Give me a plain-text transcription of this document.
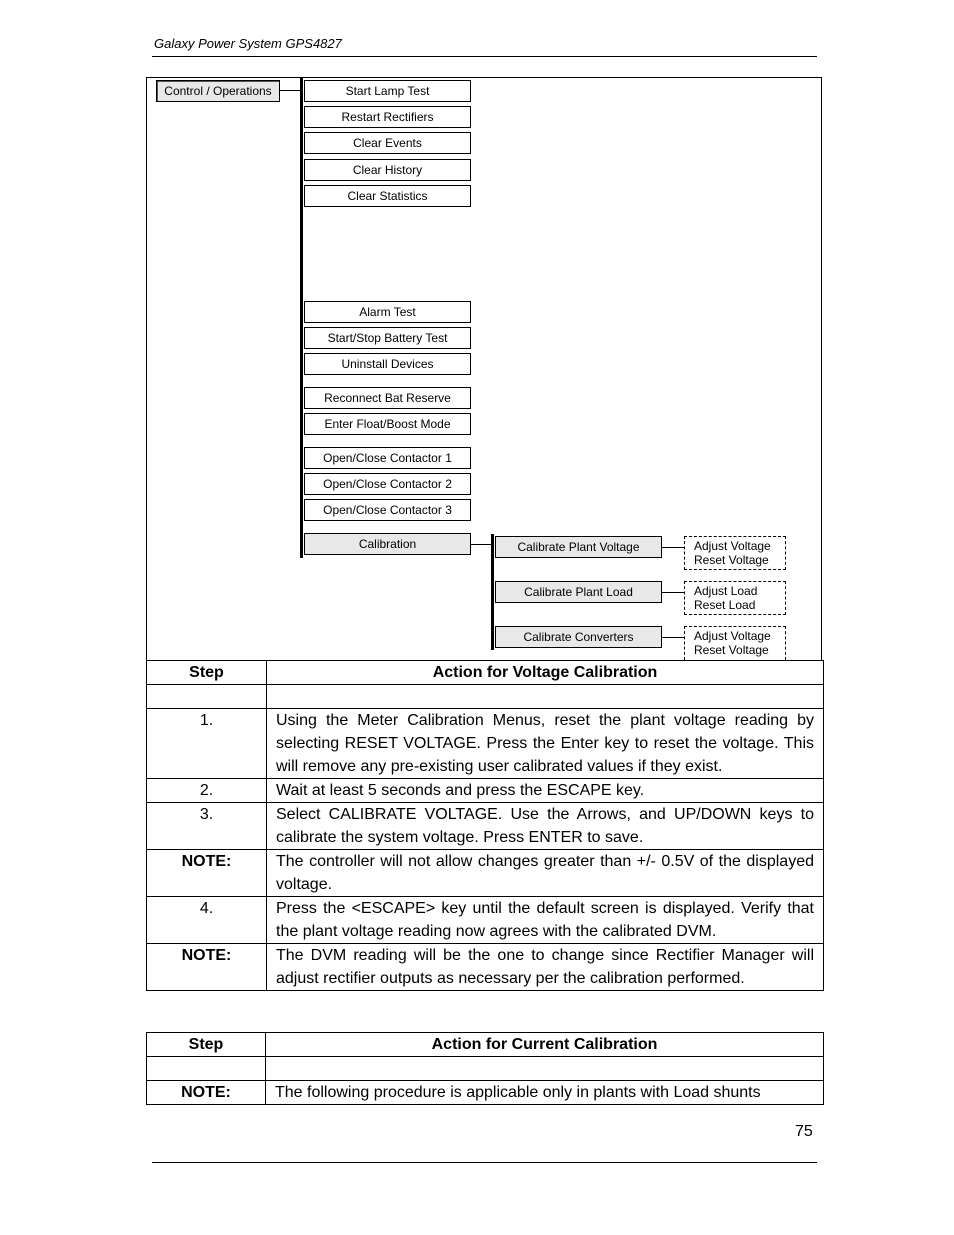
Galaxy Power System GPS4827
Control / Operations	Start Lamp Test
Restart Rectifiers
Clear Events
Clear History
Clear Statistics
Alarm Test
Start/Stop Battery Test
Uninstall Devices
Reconnect Bat Reserve
Enter Float/Boost Mode
Open/Close Contactor 1
Open/Close Contactor 2
Open/Close Contactor 3
Calibration	Calibrate Plant Voltage	Adjust Voltage
Reset Voltage
Calibrate Plant Load	Adjust Load
Reset Load
Calibrate Converters	Adjust Voltage
Reset Voltage
Step	Action for Voltage Calibration

1.	Using the Meter Calibration Menus, reset the plant voltage reading by selecting RESET VOLTAGE. Press the Enter key to reset the voltage. This will remove any pre-existing user calibrated values if they exist.
2.	Wait at least 5 seconds and press the ESCAPE key.
3.	Select CALIBRATE VOLTAGE. Use the Arrows, and UP/DOWN keys to calibrate the system voltage. Press ENTER to save.
NOTE:	The controller will not allow changes greater than +/- 0.5V of the displayed voltage.
4.	Press the <ESCAPE> key until the default screen is displayed. Verify that the plant voltage reading now agrees with the calibrated DVM.
NOTE:	The DVM reading will be the one to change since Rectifier Manager will adjust rectifier outputs as necessary per the calibration performed.
Step	Action for Current Calibration

NOTE:	The following procedure is applicable only in plants with Load shunts
75
